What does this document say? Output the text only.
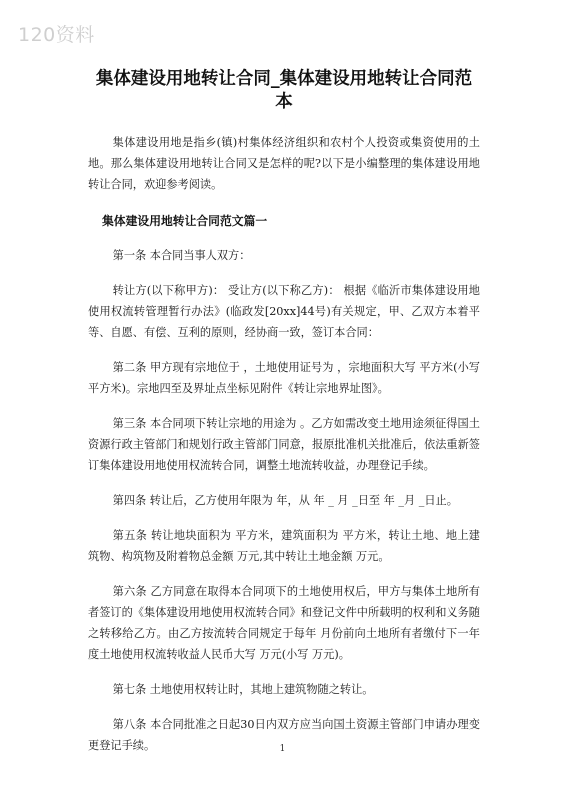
120资料
集体建设用地转让合同_集体建设用地转让合同范本

集体建设用地是指乡(镇)村集体经济组织和农村个人投资或集资使用的土地。那么集体建设用地转让合同又是怎样的呢?以下是小编整理的集体建设用地转让合同，欢迎参考阅读。

集体建设用地转让合同范文篇一

第一条 本合同当事人双方：

转让方(以下称甲方)： 受让方(以下称乙方)： 根据《临沂市集体建设用地使用权流转管理暂行办法》(临政发[20xx]44号)有关规定，甲、乙双方本着平等、自愿、有偿、互利的原则，经协商一致，签订本合同：

第二条 甲方现有宗地位于 ，土地使用证号为 ，宗地面积大写 平方米(小写 平方米)。宗地四至及界址点坐标见附件《转让宗地界址图》。

第三条 本合同项下转让宗地的用途为 。乙方如需改变土地用途须征得国土资源行政主管部门和规划行政主管部门同意，报原批准机关批准后，依法重新签订集体建设用地使用权流转合同，调整土地流转收益，办理登记手续。

第四条 转让后，乙方使用年限为 年，从 年 _ 月 _日至 年 _月 _日止。

第五条 转让地块面积为 平方米，建筑面积为 平方米，转让土地、地上建筑物、构筑物及附着物总金额 万元,其中转让土地金额 万元。

第六条 乙方同意在取得本合同项下的土地使用权后，甲方与集体土地所有者签订的《集体建设用地使用权流转合同》和登记文件中所载明的权利和义务随之转移给乙方。由乙方按流转合同规定于每年 月份前向土地所有者缴付下一年度土地使用权流转收益人民币大写 万元(小写 万元)。

第七条 土地使用权转让时，其地上建筑物随之转让。

第八条 本合同批准之日起30日内双方应当向国土资源主管部门申请办理变更登记手续。	1
